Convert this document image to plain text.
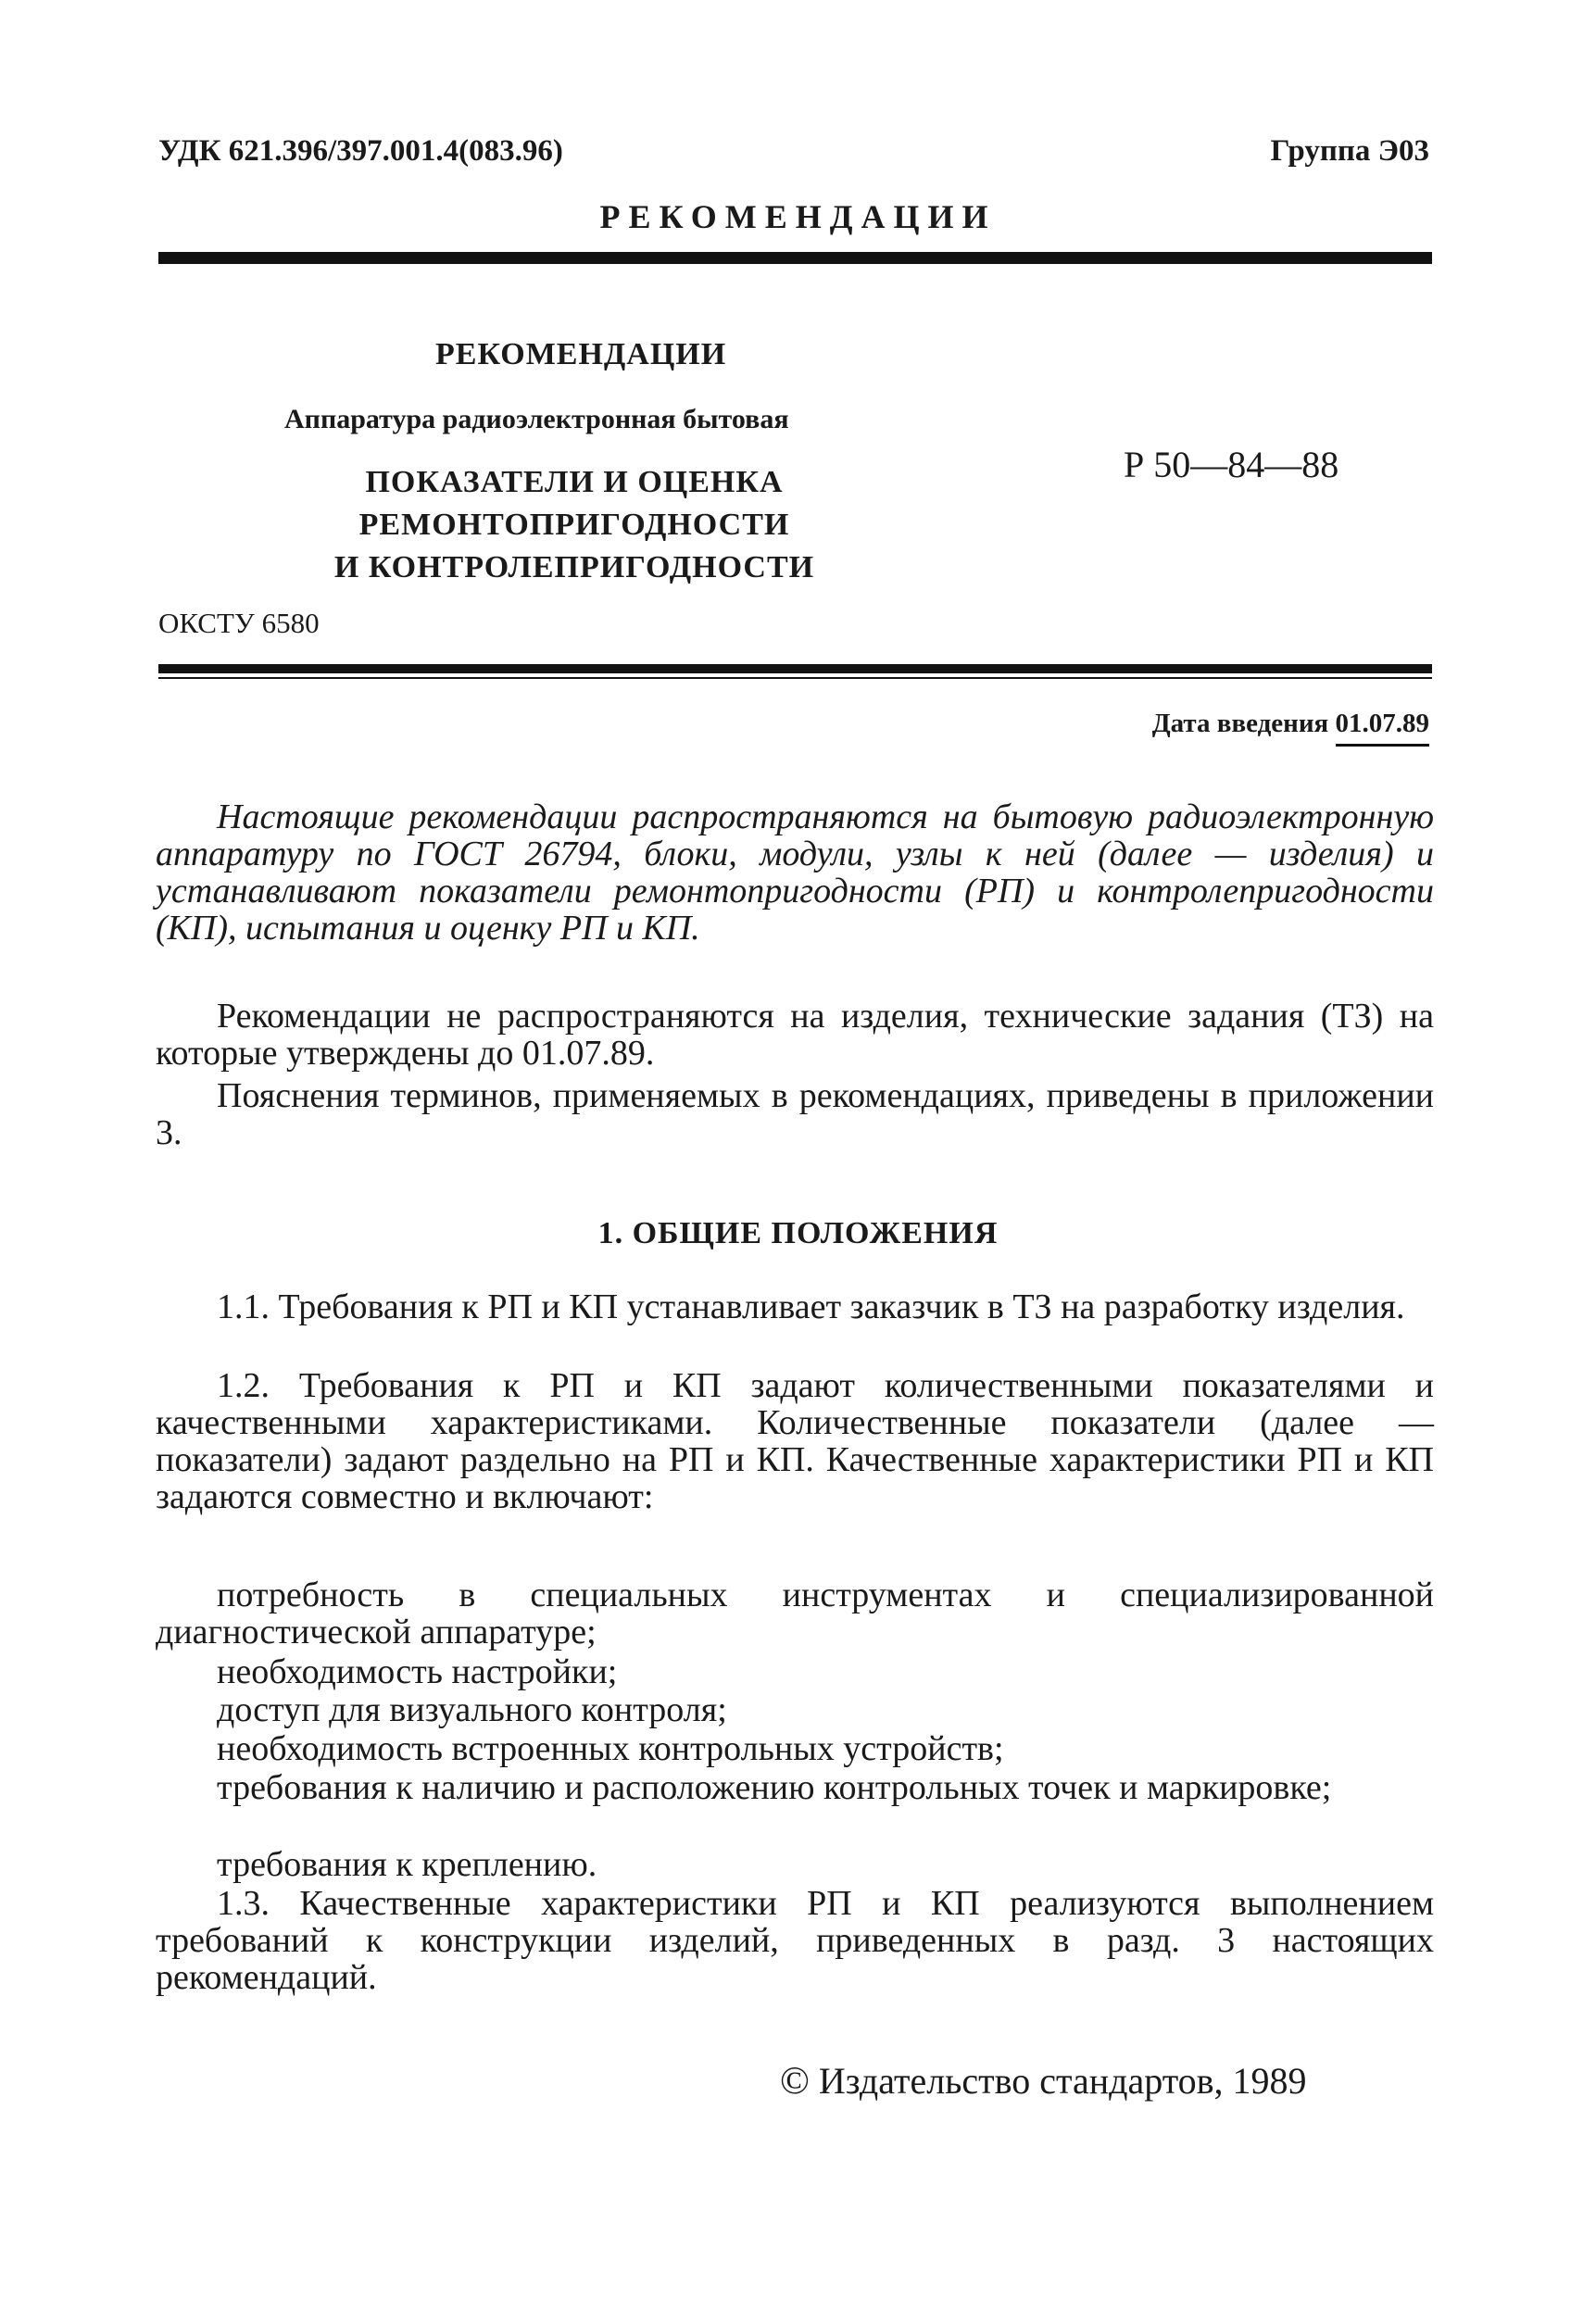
УДК 621.396/397.001.4(083.96)	Группа Э03
РЕКОМЕНДАЦИИ
РЕКОМЕНДАЦИИ
Аппаратура радиоэлектронная бытовая
ПОКАЗАТЕЛИ И ОЦЕНКА
РЕМОНТОПРИГОДНОСТИ
И КОНТРОЛЕПРИГОДНОСТИ
Р 50—84—88
ОКСТУ 6580
Дата введения 01.07.89
Настоящие рекомендации распространяются на бытовую радиоэлектронную аппаратуру по ГОСТ 26794, блоки, модули, узлы к ней (далее — изделия) и устанавливают показатели ремонтопригодности (РП) и контролепригодности (КП), испытания и оценку РП и КП.
Рекомендации не распространяются на изделия, технические задания (ТЗ) на которые утверждены до 01.07.89.
Пояснения терминов, применяемых в рекомендациях, приведены в приложении 3.
1. ОБЩИЕ ПОЛОЖЕНИЯ
1.1. Требования к РП и КП устанавливает заказчик в ТЗ на разработку изделия.
1.2. Требования к РП и КП задают количественными показателями и качественными характеристиками. Количественные показатели (далее — показатели) задают раздельно на РП и КП. Качественные характеристики РП и КП задаются совместно и включают:
потребность в специальных инструментах и специализированной диагностической аппаратуре;
необходимость настройки;
доступ для визуального контроля;
необходимость встроенных контрольных устройств;
требования к наличию и расположению контрольных точек и маркировке;
требования к креплению.
1.3. Качественные характеристики РП и КП реализуются выполнением требований к конструкции изделий, приведенных в разд. 3 настоящих рекомендаций.
© Издательство стандартов, 1989
